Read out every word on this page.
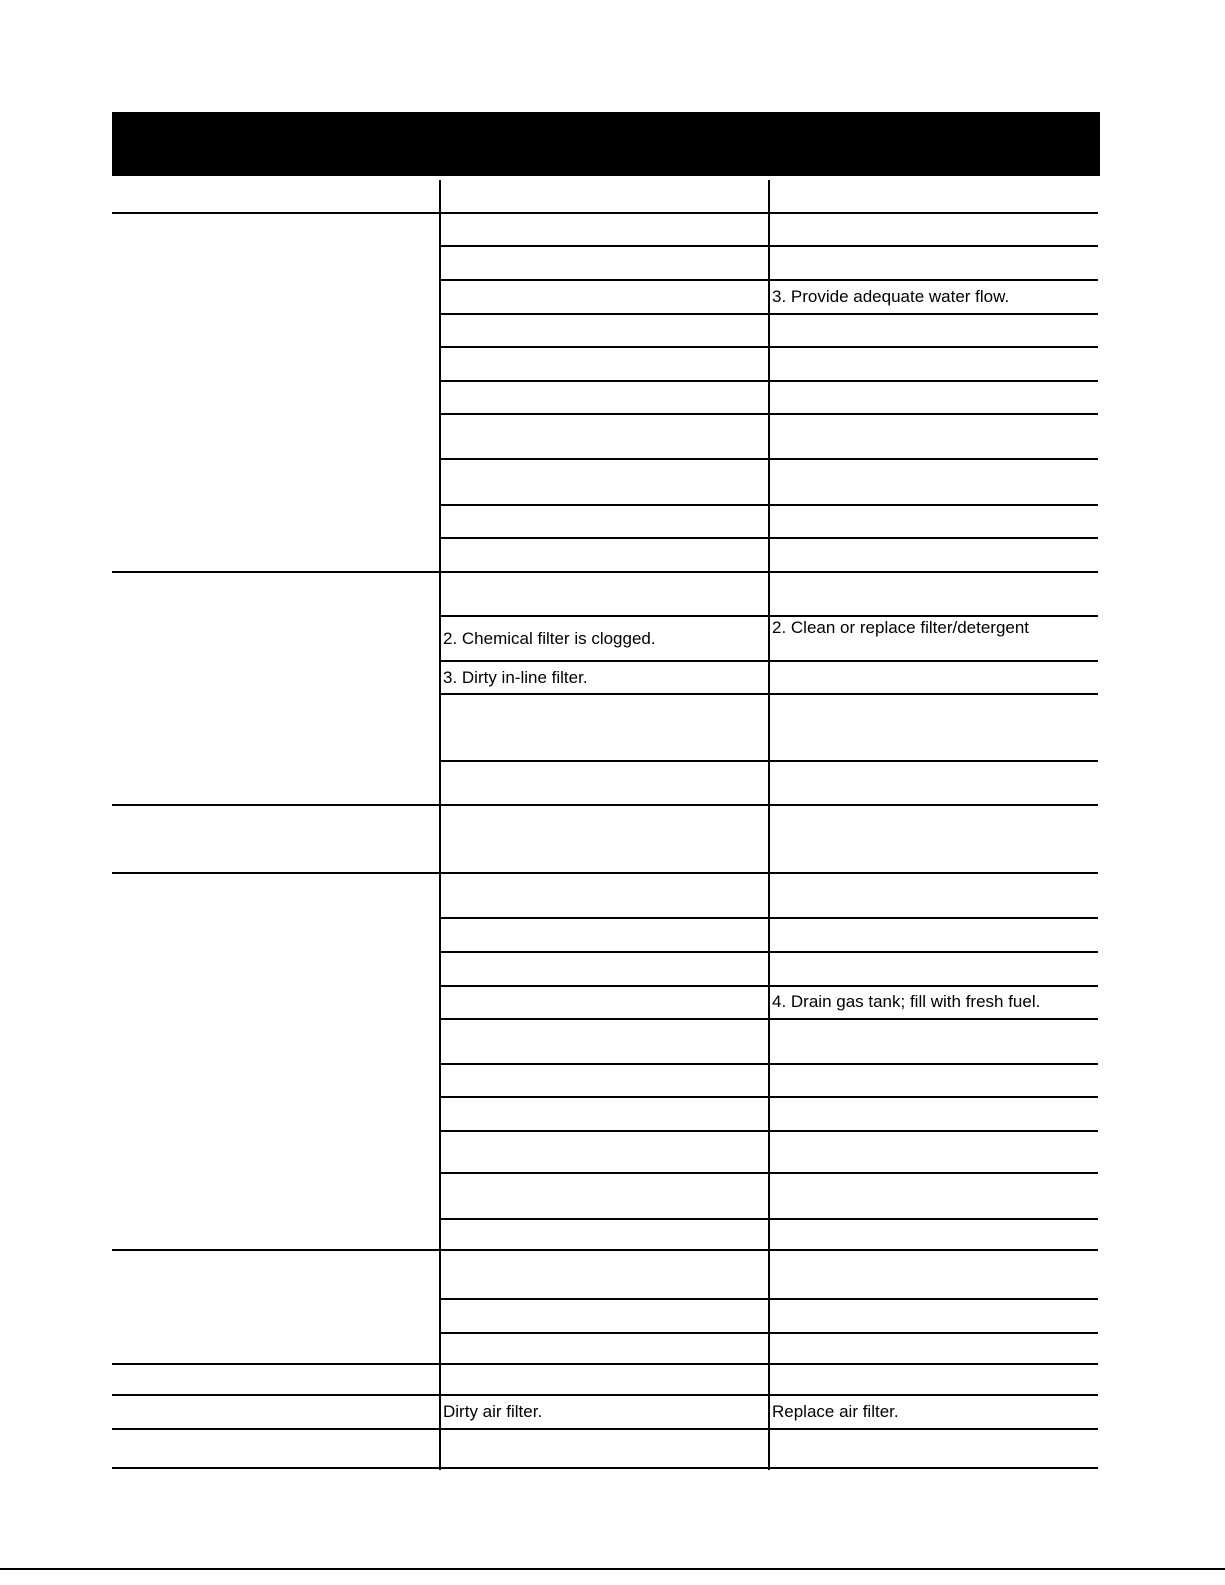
3. Provide adequate water flow.
2. Chemical filter is clogged.
2. Clean or replace filter/detergent
3. Dirty in-line filter.
4. Drain gas tank; fill with fresh fuel.
Dirty air filter.	Replace air filter.
